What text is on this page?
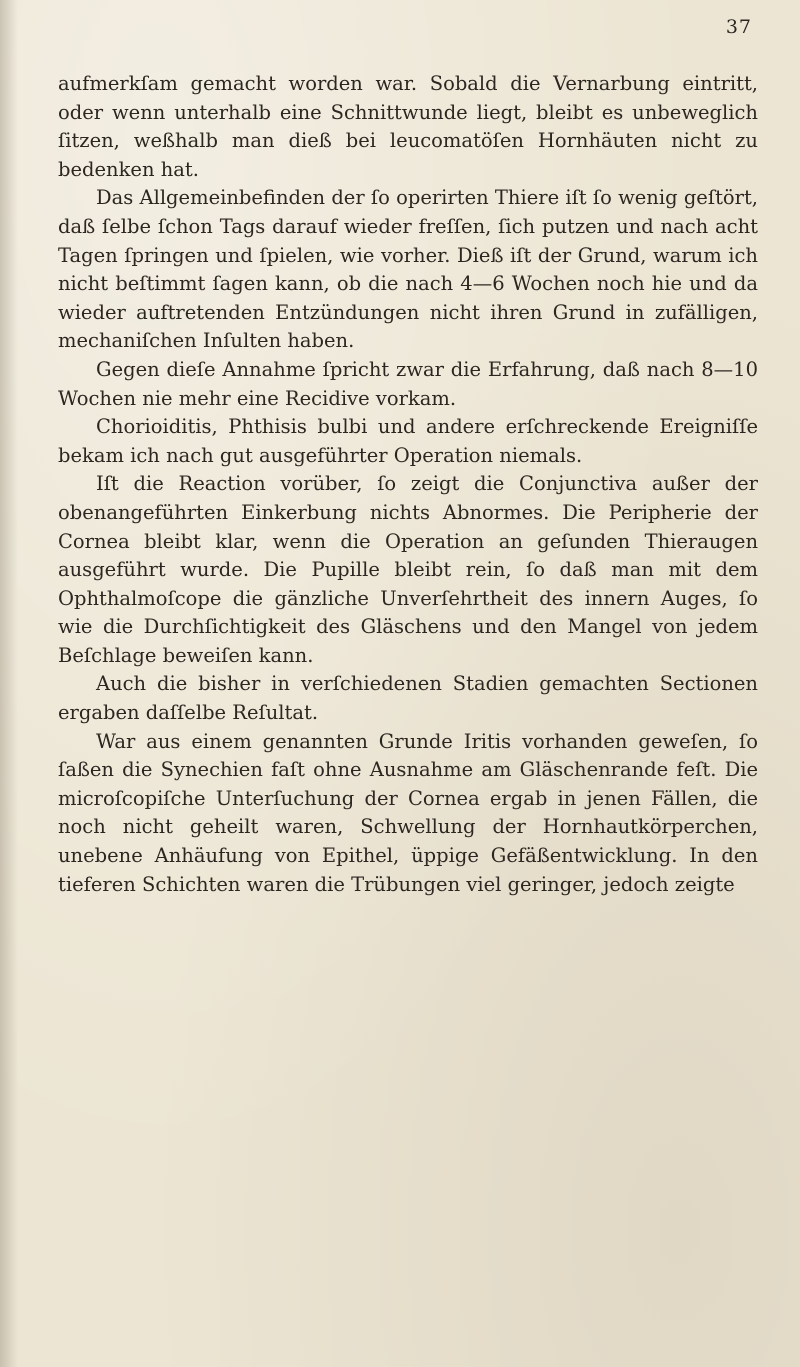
37

aufmerkſam gemacht worden war. Sobald die Vernarbung eintritt, oder wenn unterhalb eine Schnittwunde liegt, bleibt es unbeweglich ſitzen, weßhalb man dieß bei leucomatöſen Hornhäuten nicht zu bedenken hat.

Das Allgemeinbefinden der ſo operirten Thiere iſt ſo wenig geſtört, daß ſelbe ſchon Tags darauf wieder freſſen, ſich putzen und nach acht Tagen ſpringen und ſpielen, wie vorher. Dieß iſt der Grund, warum ich nicht beſtimmt ſagen kann, ob die nach 4—6 Wochen noch hie und da wieder auftretenden Entzündungen nicht ihren Grund in zufälligen, mechaniſchen Inſulten haben.

Gegen dieſe Annahme ſpricht zwar die Erfahrung, daß nach 8—10 Wochen nie mehr eine Recidive vorkam.

Chorioiditis, Phthisis bulbi und andere erſchreckende Ereigniſſe bekam ich nach gut ausgeführter Operation niemals.

Iſt die Reaction vorüber, ſo zeigt die Conjunctiva außer der obenangeführten Einkerbung nichts Abnormes. Die Peripherie der Cornea bleibt klar, wenn die Operation an geſunden Thieraugen ausgeführt wurde. Die Pupille bleibt rein, ſo daß man mit dem Ophthalmoſcope die gänzliche Unverſehrtheit des innern Auges, ſo wie die Durchſichtigkeit des Gläschens und den Mangel von jedem Beſchlage beweiſen kann.

Auch die bisher in verſchiedenen Stadien gemachten Sectionen ergaben daſſelbe Reſultat.

War aus einem genannten Grunde Iritis vorhanden geweſen, ſo ſaßen die Synechien faſt ohne Ausnahme am Gläschenrande feſt. Die microſcopiſche Unterſuchung der Cornea ergab in jenen Fällen, die noch nicht geheilt waren, Schwellung der Hornhautkörperchen, unebene Anhäufung von Epithel, üppige Gefäßentwicklung. In den tieferen Schichten waren die Trübungen viel geringer, jedoch zeigte
